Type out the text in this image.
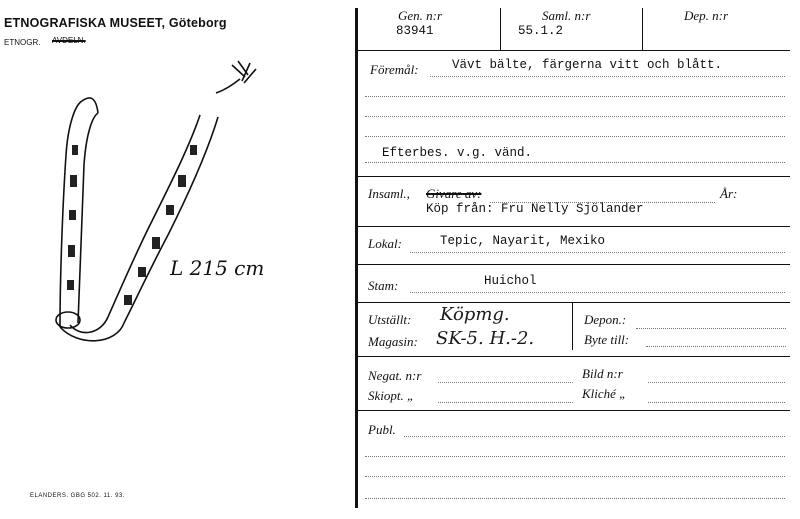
ETNOGRAFISKA MUSEET, Göteborg
ETNOGR. AVDELN.
L 215 cm
ELANDERS. GBG 502. 11. 93.
Gen. n:r
83941
Saml. n:r
55.1.2
Dep. n:r
Föremål:	Vävt bälte, färgerna vitt och blått.
Efterbes. v.g. vänd.
Insaml., Givare av:	År:
Köp från: Fru Nelly Sjölander
Lokal:	Tepic, Nayarit, Mexiko
Stam:	Huichol
Utställt: Köpmg.
Magasin: SK-5. H.-2.
Depon.:
Byte till:
Negat. n:r	Bild n:r
Skiopt. „	Kliché „
Publ.
